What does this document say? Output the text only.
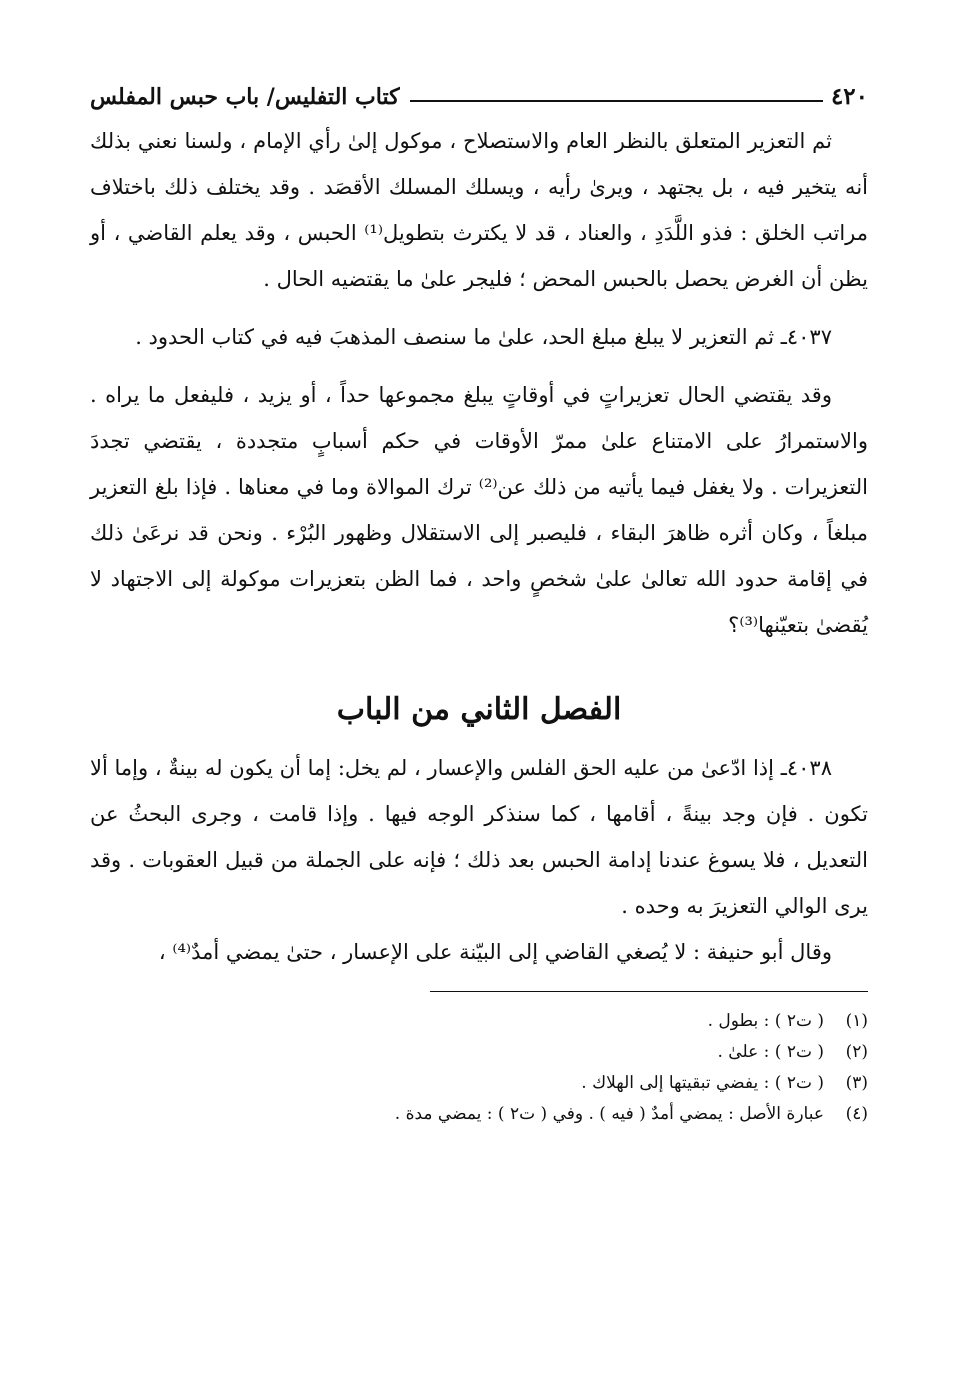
٤٢٠
كتاب التفليس/ باب حبس المفلس

ثم التعزير المتعلق بالنظر العام والاستصلاح ، موكول إلىٰ رأي الإمام ، ولسنا نعني بذلك أنه يتخير فيه ، بل يجتهد ، ويرىٰ رأيه ، ويسلك المسلك الأقصَد . وقد يختلف ذلك باختلاف مراتب الخلق : فذو اللَّدَدِ ، والعناد ، قد لا يكترث بتطويل⁽¹⁾ الحبس ، وقد يعلم القاضي ، أو يظن أن الغرض يحصل بالحبس المحض ؛ فليجر علىٰ ما يقتضيه الحال .

٤٠٣٧ـ ثم التعزير لا يبلغ مبلغ الحد، علىٰ ما سنصف المذهبَ فيه في كتاب الحدود .

وقد يقتضي الحال تعزيراتٍ في أوقاتٍ يبلغ مجموعها حداً ، أو يزيد ، فليفعل ما يراه . والاستمرارُ على الامتناع علىٰ ممرّ الأوقات في حكم أسبابٍ متجددة ، يقتضي تجددَ التعزيرات . ولا يغفل فيما يأتيه من ذلك عن⁽²⁾ ترك الموالاة وما في معناها . فإذا بلغ التعزير مبلغاً ، وكان أثره ظاهرَ البقاء ، فليصبر إلى الاستقلال وظهور البُرْء . ونحن قد نرعَىٰ ذلك في إقامة حدود الله تعالىٰ علىٰ شخصٍ واحد ، فما الظن بتعزيرات موكولة إلى الاجتهاد لا يُقضىٰ بتعيّنها⁽³⁾؟

الفصل الثاني من الباب

٤٠٣٨ـ إذا ادّعىٰ من عليه الحق الفلس والإعسار ، لم يخل: إما أن يكون له بينةٌ ، وإما ألا تكون . فإن وجد بينةً ، أقامها ، كما سنذكر الوجه فيها . وإذا قامت ، وجرى البحثُ عن التعديل ، فلا يسوغ عندنا إدامة الحبس بعد ذلك ؛ فإنه على الجملة من قبيل العقوبات . وقد يرى الوالي التعزيرَ به وحده .

وقال أبو حنيفة : لا يُصغي القاضي إلى البيّنة على الإعسار ، حتىٰ يمضي أمدٌ⁽⁴⁾ ،

(١)( ت٢ ) : بطول .

(٢)( ت٢ ) : علىٰ .

(٣)( ت٢ ) : يفضي تبقيتها إلى الهلاك .

(٤)عبارة الأصل : يمضي أمدٌ ( فيه ) . وفي ( ت٢ ) : يمضي مدة .
